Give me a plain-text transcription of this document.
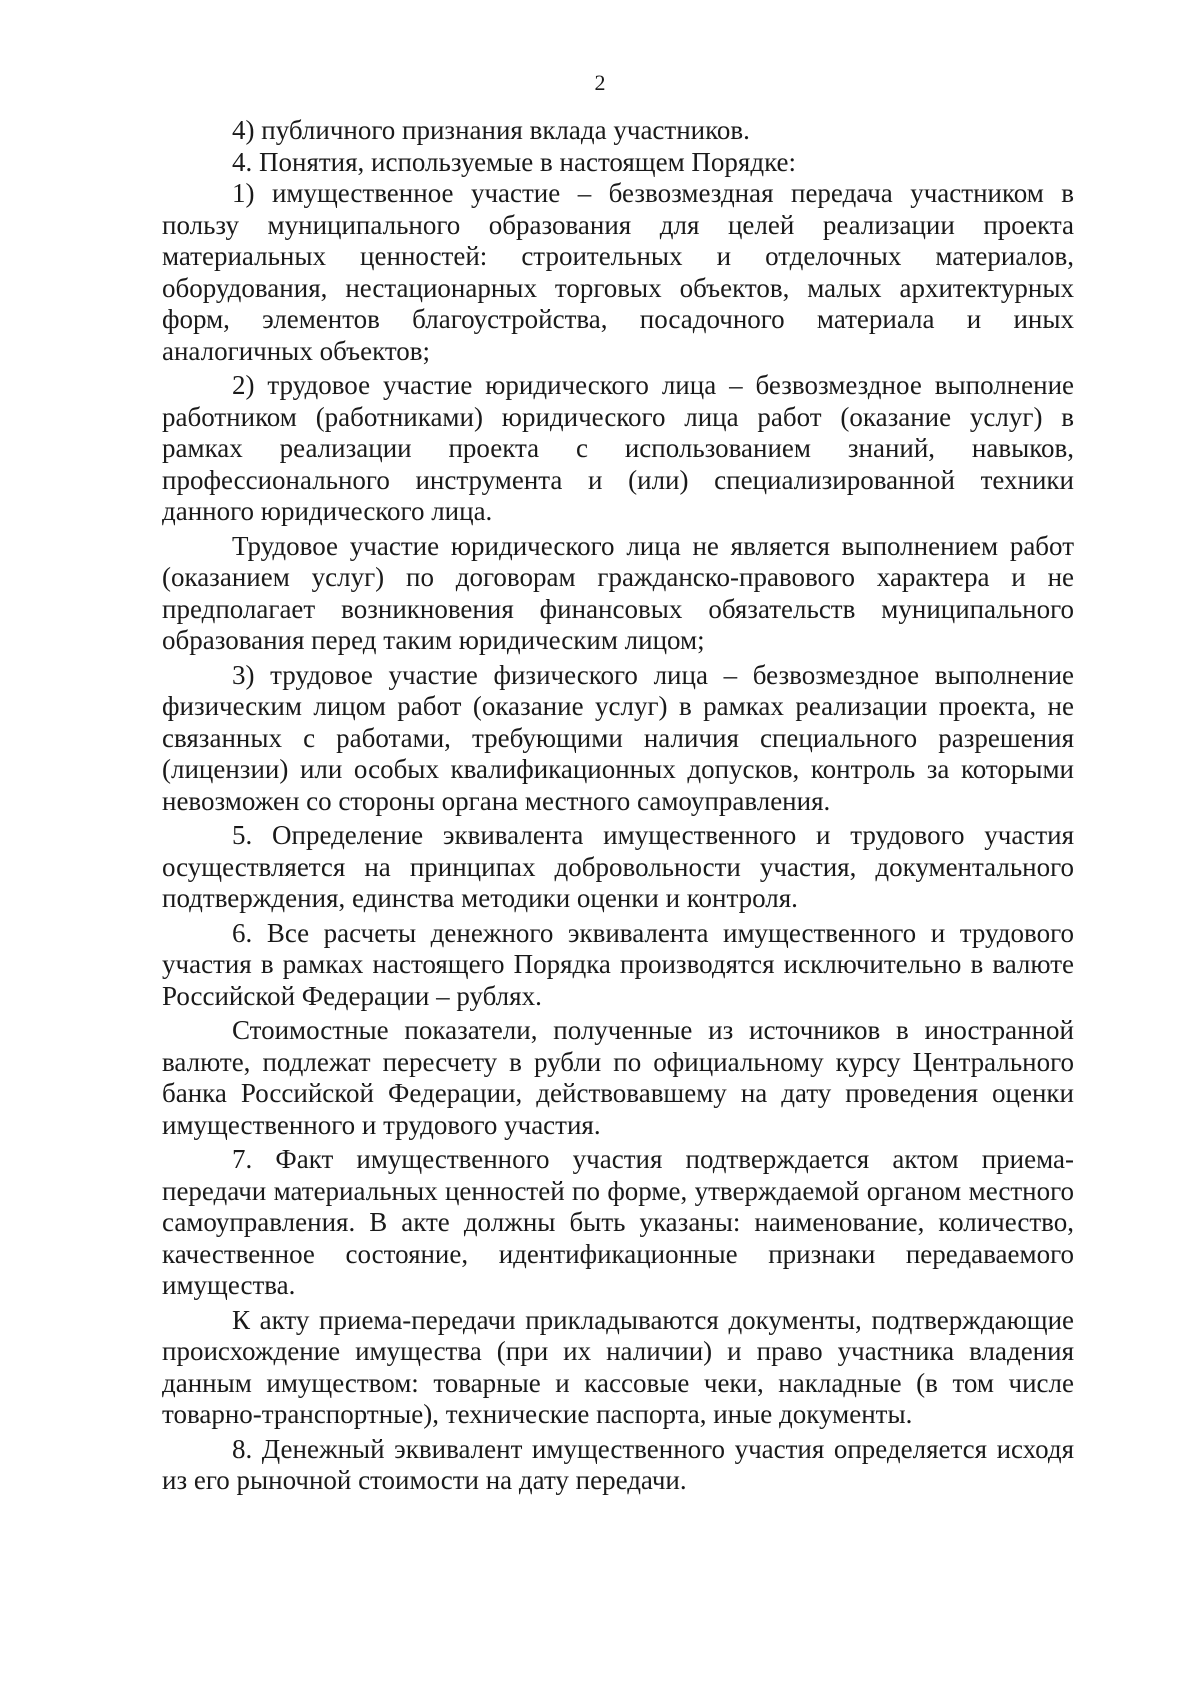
2

4) публичного признания вклада участников.

4. Понятия, используемые в настоящем Порядке:

1) имущественное участие – безвозмездная передача участником в пользу муниципального образования для целей реализации проекта материальных ценностей: строительных и отделочных материалов, оборудования, нестационарных торговых объектов, малых архитектурных форм, элементов благоустройства, посадочного материала и иных аналогичных объектов;

2) трудовое участие юридического лица – безвозмездное выполнение работником (работниками) юридического лица работ (оказание услуг) в рамках реализации проекта с использованием знаний, навыков, профессионального инструмента и (или) специализированной техники данного юридического лица.

Трудовое участие юридического лица не является выполнением работ (оказанием услуг) по договорам гражданско-правового характера и не предполагает возникновения финансовых обязательств муниципального образования перед таким юридическим лицом;

3) трудовое участие физического лица – безвозмездное выполнение физическим лицом работ (оказание услуг) в рамках реализации проекта, не связанных с работами, требующими наличия специального разрешения (лицензии) или особых квалификационных допусков, контроль за которыми невозможен со стороны органа местного самоуправления.

5. Определение эквивалента имущественного и трудового участия осуществляется на принципах добровольности участия, документального подтверждения, единства методики оценки и контроля.

6. Все расчеты денежного эквивалента имущественного и трудового участия в рамках настоящего Порядка производятся исключительно в валюте Российской Федерации – рублях.

Стоимостные показатели, полученные из источников в иностранной валюте, подлежат пересчету в рубли по официальному курсу Центрального банка Российской Федерации, действовавшему на дату проведения оценки имущественного и трудового участия.

7. Факт имущественного участия подтверждается актом приема-передачи материальных ценностей по форме, утверждаемой органом местного самоуправления. В акте должны быть указаны: наименование, количество, качественное состояние, идентификационные признаки передаваемого имущества.

К акту приема-передачи прикладываются документы, подтверждающие происхождение имущества (при их наличии) и право участника владения данным имуществом: товарные и кассовые чеки, накладные (в том числе товарно-транспортные), технические паспорта, иные документы.

8. Денежный эквивалент имущественного участия определяется исходя из его рыночной стоимости на дату передачи.
